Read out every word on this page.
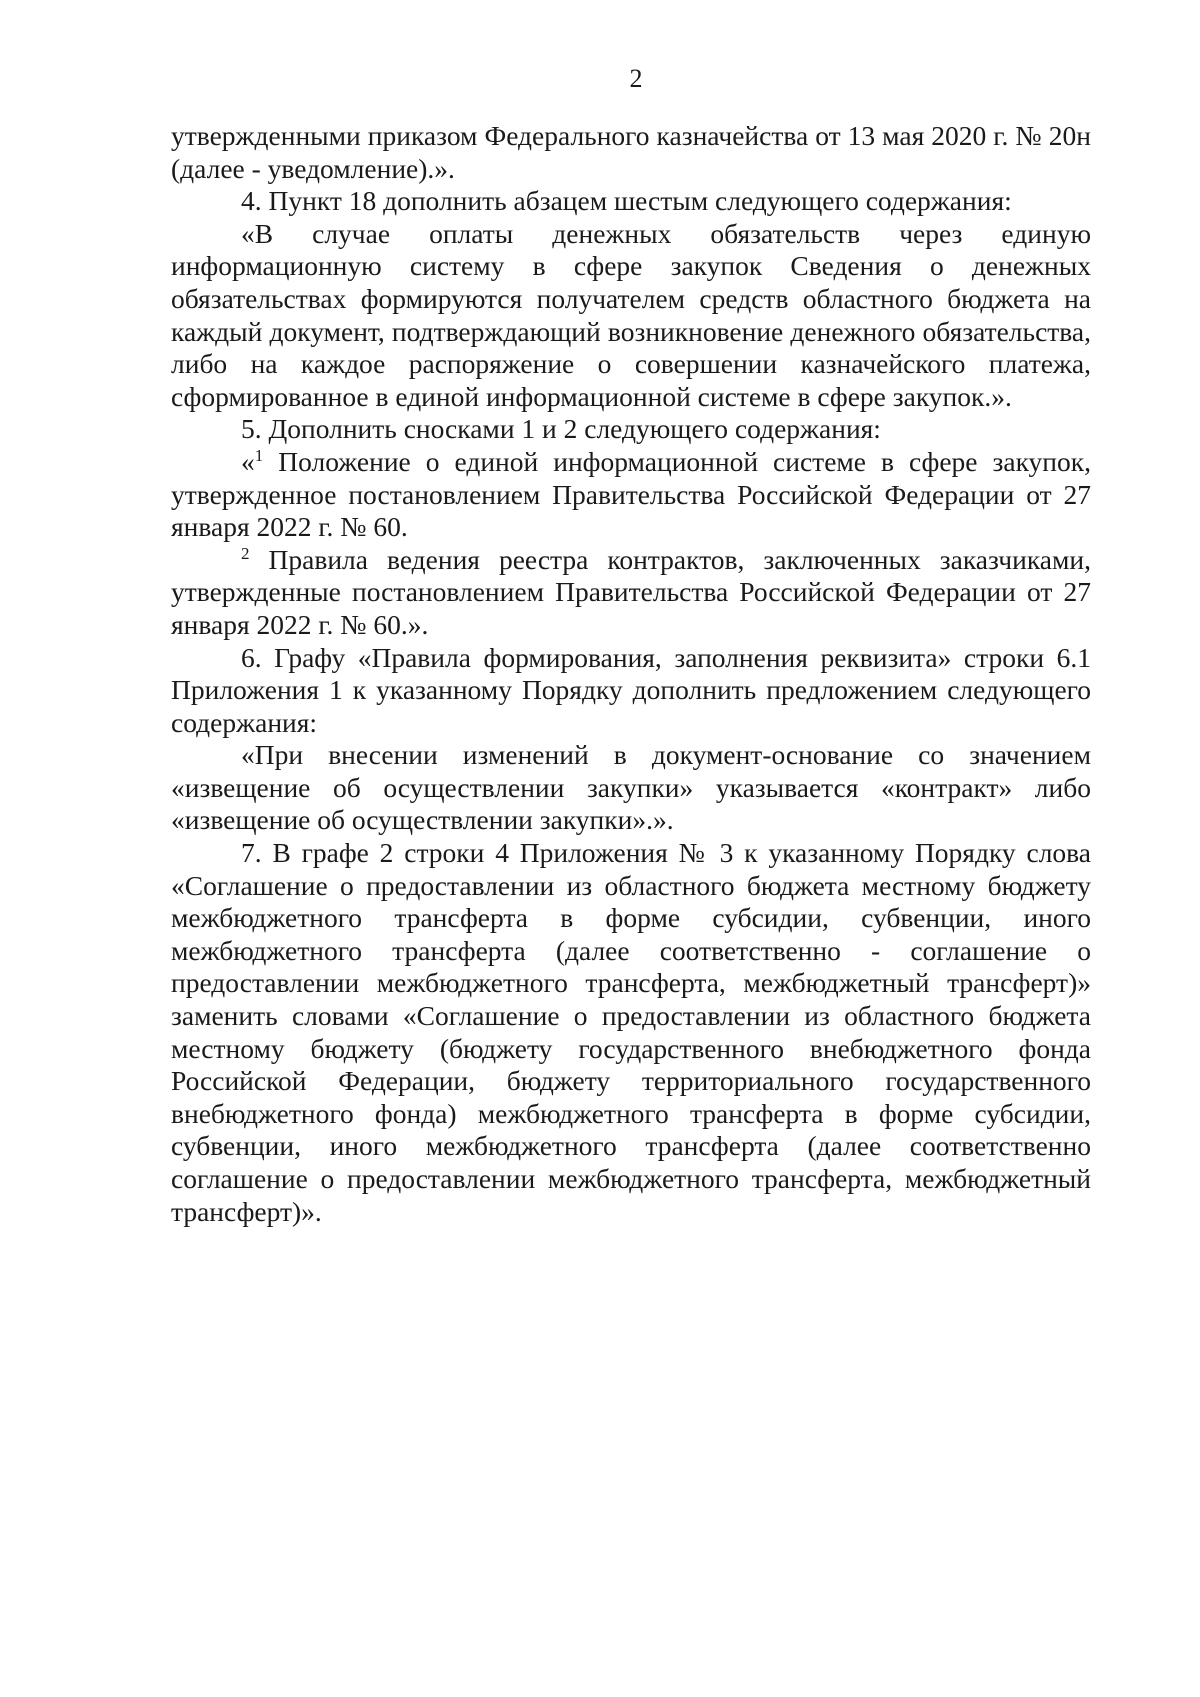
2

утвержденными приказом Федерального казначейства от 13 мая 2020 г. № 20н (далее - уведомление).».

4. Пункт 18 дополнить абзацем шестым следующего содержания:

«В случае оплаты денежных обязательств через единую информационную систему в сфере закупок Сведения о денежных обязательствах формируются получателем средств областного бюджета на каждый документ, подтверждающий возникновение денежного обязательства, либо на каждое распоряжение о совершении казначейского платежа, сформированное в единой информационной системе в сфере закупок.».

5. Дополнить сносками 1 и 2 следующего содержания:

«$^1$ Положение о единой информационной системе в сфере закупок, утвержденное постановлением Правительства Российской Федерации от 27 января 2022 г. № 60.

$^2$ Правила ведения реестра контрактов, заключенных заказчиками, утвержденные постановлением Правительства Российской Федерации от 27 января 2022 г. № 60.».

6. Графу «Правила формирования, заполнения реквизита» строки 6.1 Приложения 1 к указанному Порядку дополнить предложением следующего содержания:

«При внесении изменений в документ-основание со значением «извещение об осуществлении закупки» указывается «контракт» либо «извещение об осуществлении закупки».».

7. В графе 2 строки 4 Приложения № 3 к указанному Порядку слова «Соглашение о предоставлении из областного бюджета местному бюджету межбюджетного трансферта в форме субсидии, субвенции, иного межбюджетного трансферта (далее соответственно - соглашение о предоставлении межбюджетного трансферта, межбюджетный трансферт)» заменить словами «Соглашение о предоставлении из областного бюджета местному бюджету (бюджету государственного внебюджетного фонда Российской Федерации, бюджету территориального государственного внебюджетного фонда) межбюджетного трансферта в форме субсидии, субвенции, иного межбюджетного трансферта (далее соответственно соглашение о предоставлении межбюджетного трансферта, межбюджетный трансферт)».
